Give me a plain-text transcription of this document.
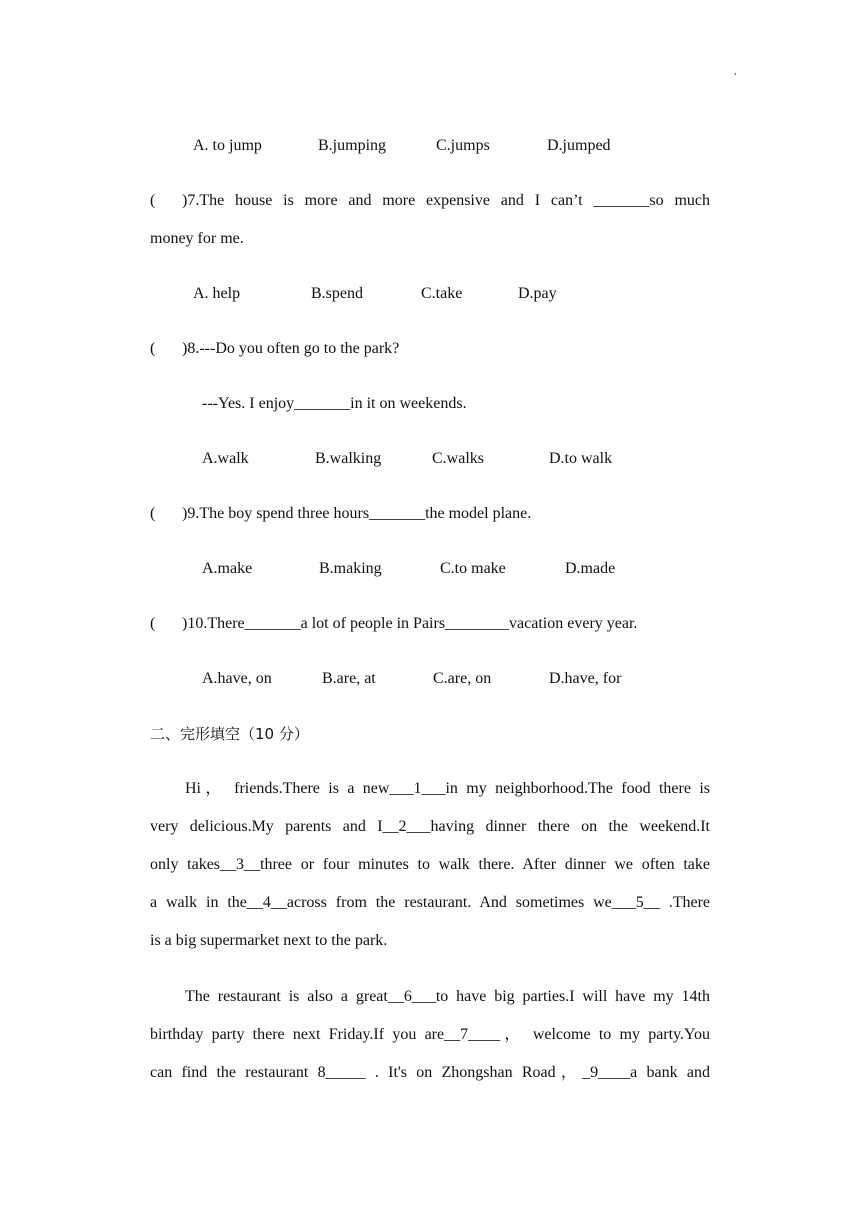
,
A. to jump	B.jumping	C.jumps	D.jumped
( )7.The house is more and more expensive and I can’t _______so much
money for me.
A. help	B.spend	C.take	D.pay
( )8.---Do you often go to the park?
---Yes. I enjoy_______in it on weekends.
A.walk	B.walking	C.walks	D.to walk
( )9.The boy spend three hours_______the model plane.
A.make	B.making	C.to make	D.made
( )10.There_______a lot of people in Pairs________vacation every year.
A.have, on	B.are, at	C.are, on	D.have, for
二、完形填空（10 分）
Hi， friends.There is a new___1___in my neighborhood.The food there is
very delicious.My parents and I__2___having dinner there on the weekend.It
only takes__3__three or four minutes to walk there. After dinner we often take
a walk in the__4__across from the restaurant. And sometimes we___5__ .There
is a big supermarket next to the park.
The restaurant is also a great__6___to have big parties.I will have my 14th
birthday party there next Friday.If you are__7____， welcome to my party.You
can find the restaurant 8_____ . It's on Zhongshan Road，_9____a bank and
